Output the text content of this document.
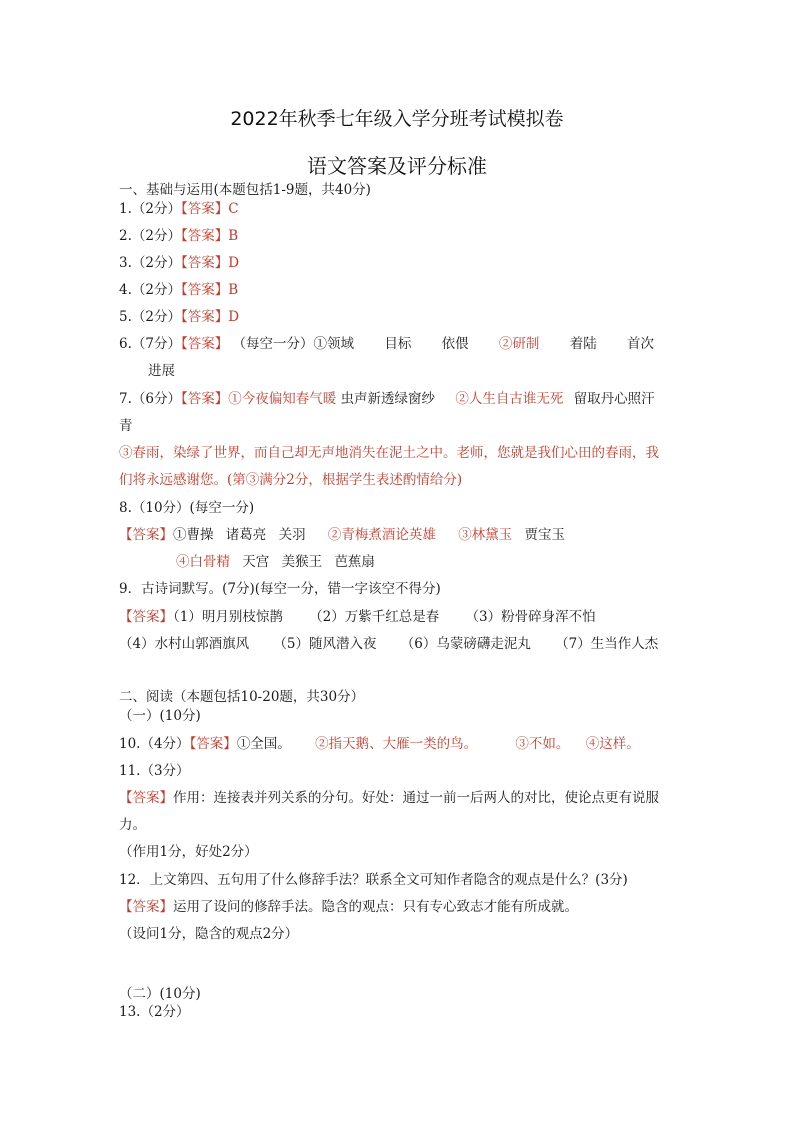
2022年秋季七年级入学分班考试模拟卷
语文答案及评分标准
一、基础与运用(本题包括1-9题，共40分)
1.（2分）【答案】C
2.（2分）【答案】B
3.（2分）【答案】D
4.（2分）【答案】B
5.（2分）【答案】D
6.（7分）【答案】 （每空一分）①领域 目标 依偎 ②研制 着陆 首次
进展
7.（6分）【答案】①今夜偏知春气暖 虫声新透绿窗纱 ②人生自古谁无死 留取丹心照汗
青
③春雨，染绿了世界，而自己却无声地消失在泥土之中。老师，您就是我们心田的春雨，我
们将永远感谢您。(第③满分2分，根据学生表述酌情给分)
8.（10分）(每空一分)
【答案】①曹操 诸葛亮 关羽 ②青梅煮酒论英雄 ③林黛玉 贾宝玉
④白骨精 天宫 美猴王 芭蕉扇
9．古诗词默写。(7分)(每空一分，错一字该空不得分)
【答案】（1）明月别枝惊鹊 （2）万紫千红总是春 （3）粉骨碎身浑不怕
（4）水村山郭酒旗风 （5）随风潜入夜 （6）乌蒙磅礴走泥丸 （7）生当作人杰
二、阅读（本题包括10-20题，共30分）
（一）(10分)
10.（4分）【答案】①全国。 ②指天鹅、大雁一类的鸟。	③不如。 ④这样。
11.（3分）
【答案】作用：连接表并列关系的分句。好处：通过一前一后两人的对比，使论点更有说服
力。
（作用1分，好处2分）
12．上文第四、五句用了什么修辞手法？联系全文可知作者隐含的观点是什么？(3分)
【答案】运用了设问的修辞手法。隐含的观点：只有专心致志才能有所成就。
（设问1分，隐含的观点2分）
（二）(10分)
13.（2分）
